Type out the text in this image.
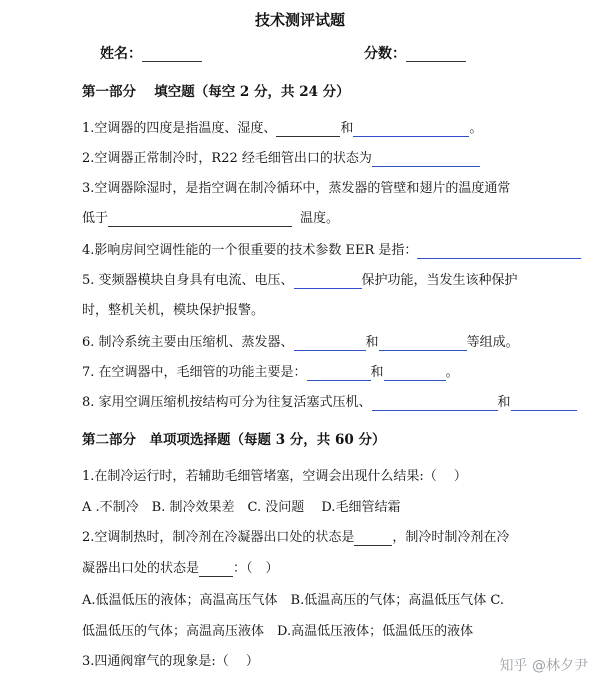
技术测评试题
姓名：	分数：
第一部分　 填空题（每空 2 分，共 24 分）
1.空调器的四度是指温度、湿度、	和	。
2.空调器正常制冷时，R22 经毛细管出口的状态为
3.空调器除湿时，是指空调在制冷循环中，蒸发器的管壁和翅片的温度通常
低于	温度。
4.影响房间空调性能的一个很重要的技术参数 EER 是指：
5. 变频器模块自身具有电流、电压、	保护功能，当发生该种保护
时，整机关机，模块保护报警。
6. 制冷系统主要由压缩机、蒸发器、	和	等组成。
7. 在空调器中，毛细管的功能主要是：	和	。
8. 家用空调压缩机按结构可分为往复活塞式压机、	和
第二部分　单项项选择题（每题 3 分，共 60 分）
1.在制冷运行时，若辅助毛细管堵塞，空调会出现什么结果:（　 ）
A .不制冷　B. 制冷效果差　C. 没问题　 D.毛细管结霜
2.空调制热时，制冷剂在冷凝器出口处的状态是	，制冷时制冷剂在冷
凝器出口处的状态是	：（　）
A.低温低压的液体；高温高压气体　B.低温高压的气体；高温低压气体 C.
低温低压的气体；高温高压液体　D.高温低压液体；低温低压的液体
3.四通阀窜气的现象是:（　 ）	知乎 @林夕尹
